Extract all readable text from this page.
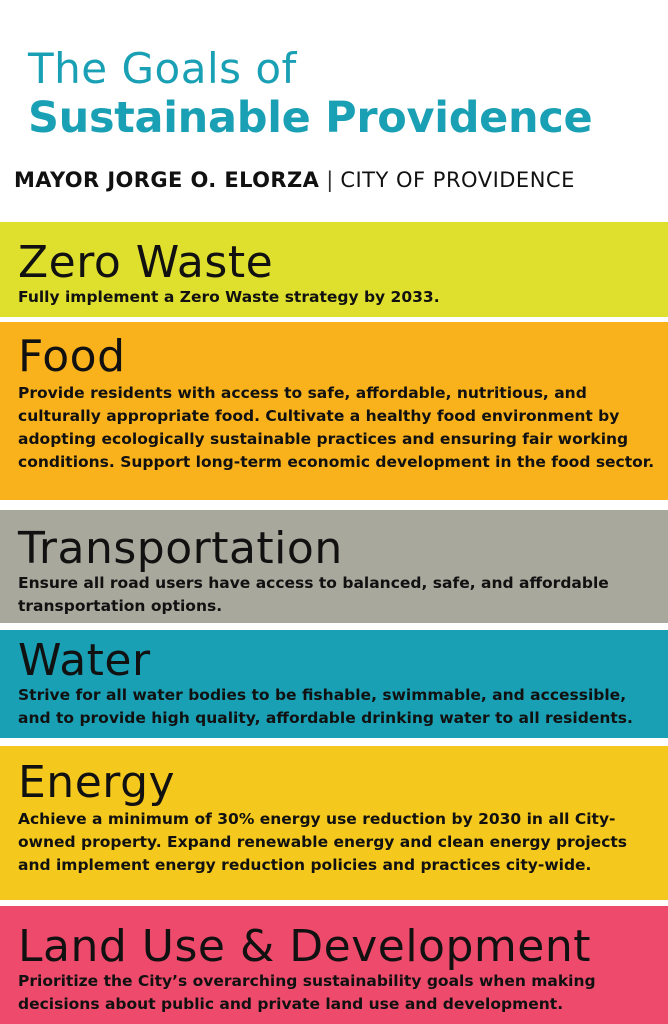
The Goals of
Sustainable Providence
MAYOR JORGE O. ELORZA | CITY OF PROVIDENCE
Zero Waste

Fully implement a Zero Waste strategy by 2033.

Food

Provide residents with access to safe, affordable, nutritious, and culturally appropriate food. Cultivate a healthy food environment by adopting ecologically sustainable practices and ensuring fair working conditions. Support long-term economic development in the food sector.

Transportation

Ensure all road users have access to balanced, safe, and affordable transportation options.

Water

Strive for all water bodies to be fishable, swimmable, and accessible, and to provide high quality, affordable drinking water to all residents.

Energy

Achieve a minimum of 30% energy use reduction by 2030 in all City-owned property. Expand renewable energy and clean energy projects and implement energy reduction policies and practices city-wide.

Land Use & Development

Prioritize the City’s overarching sustainability goals when making decisions about public and private land use and development.
